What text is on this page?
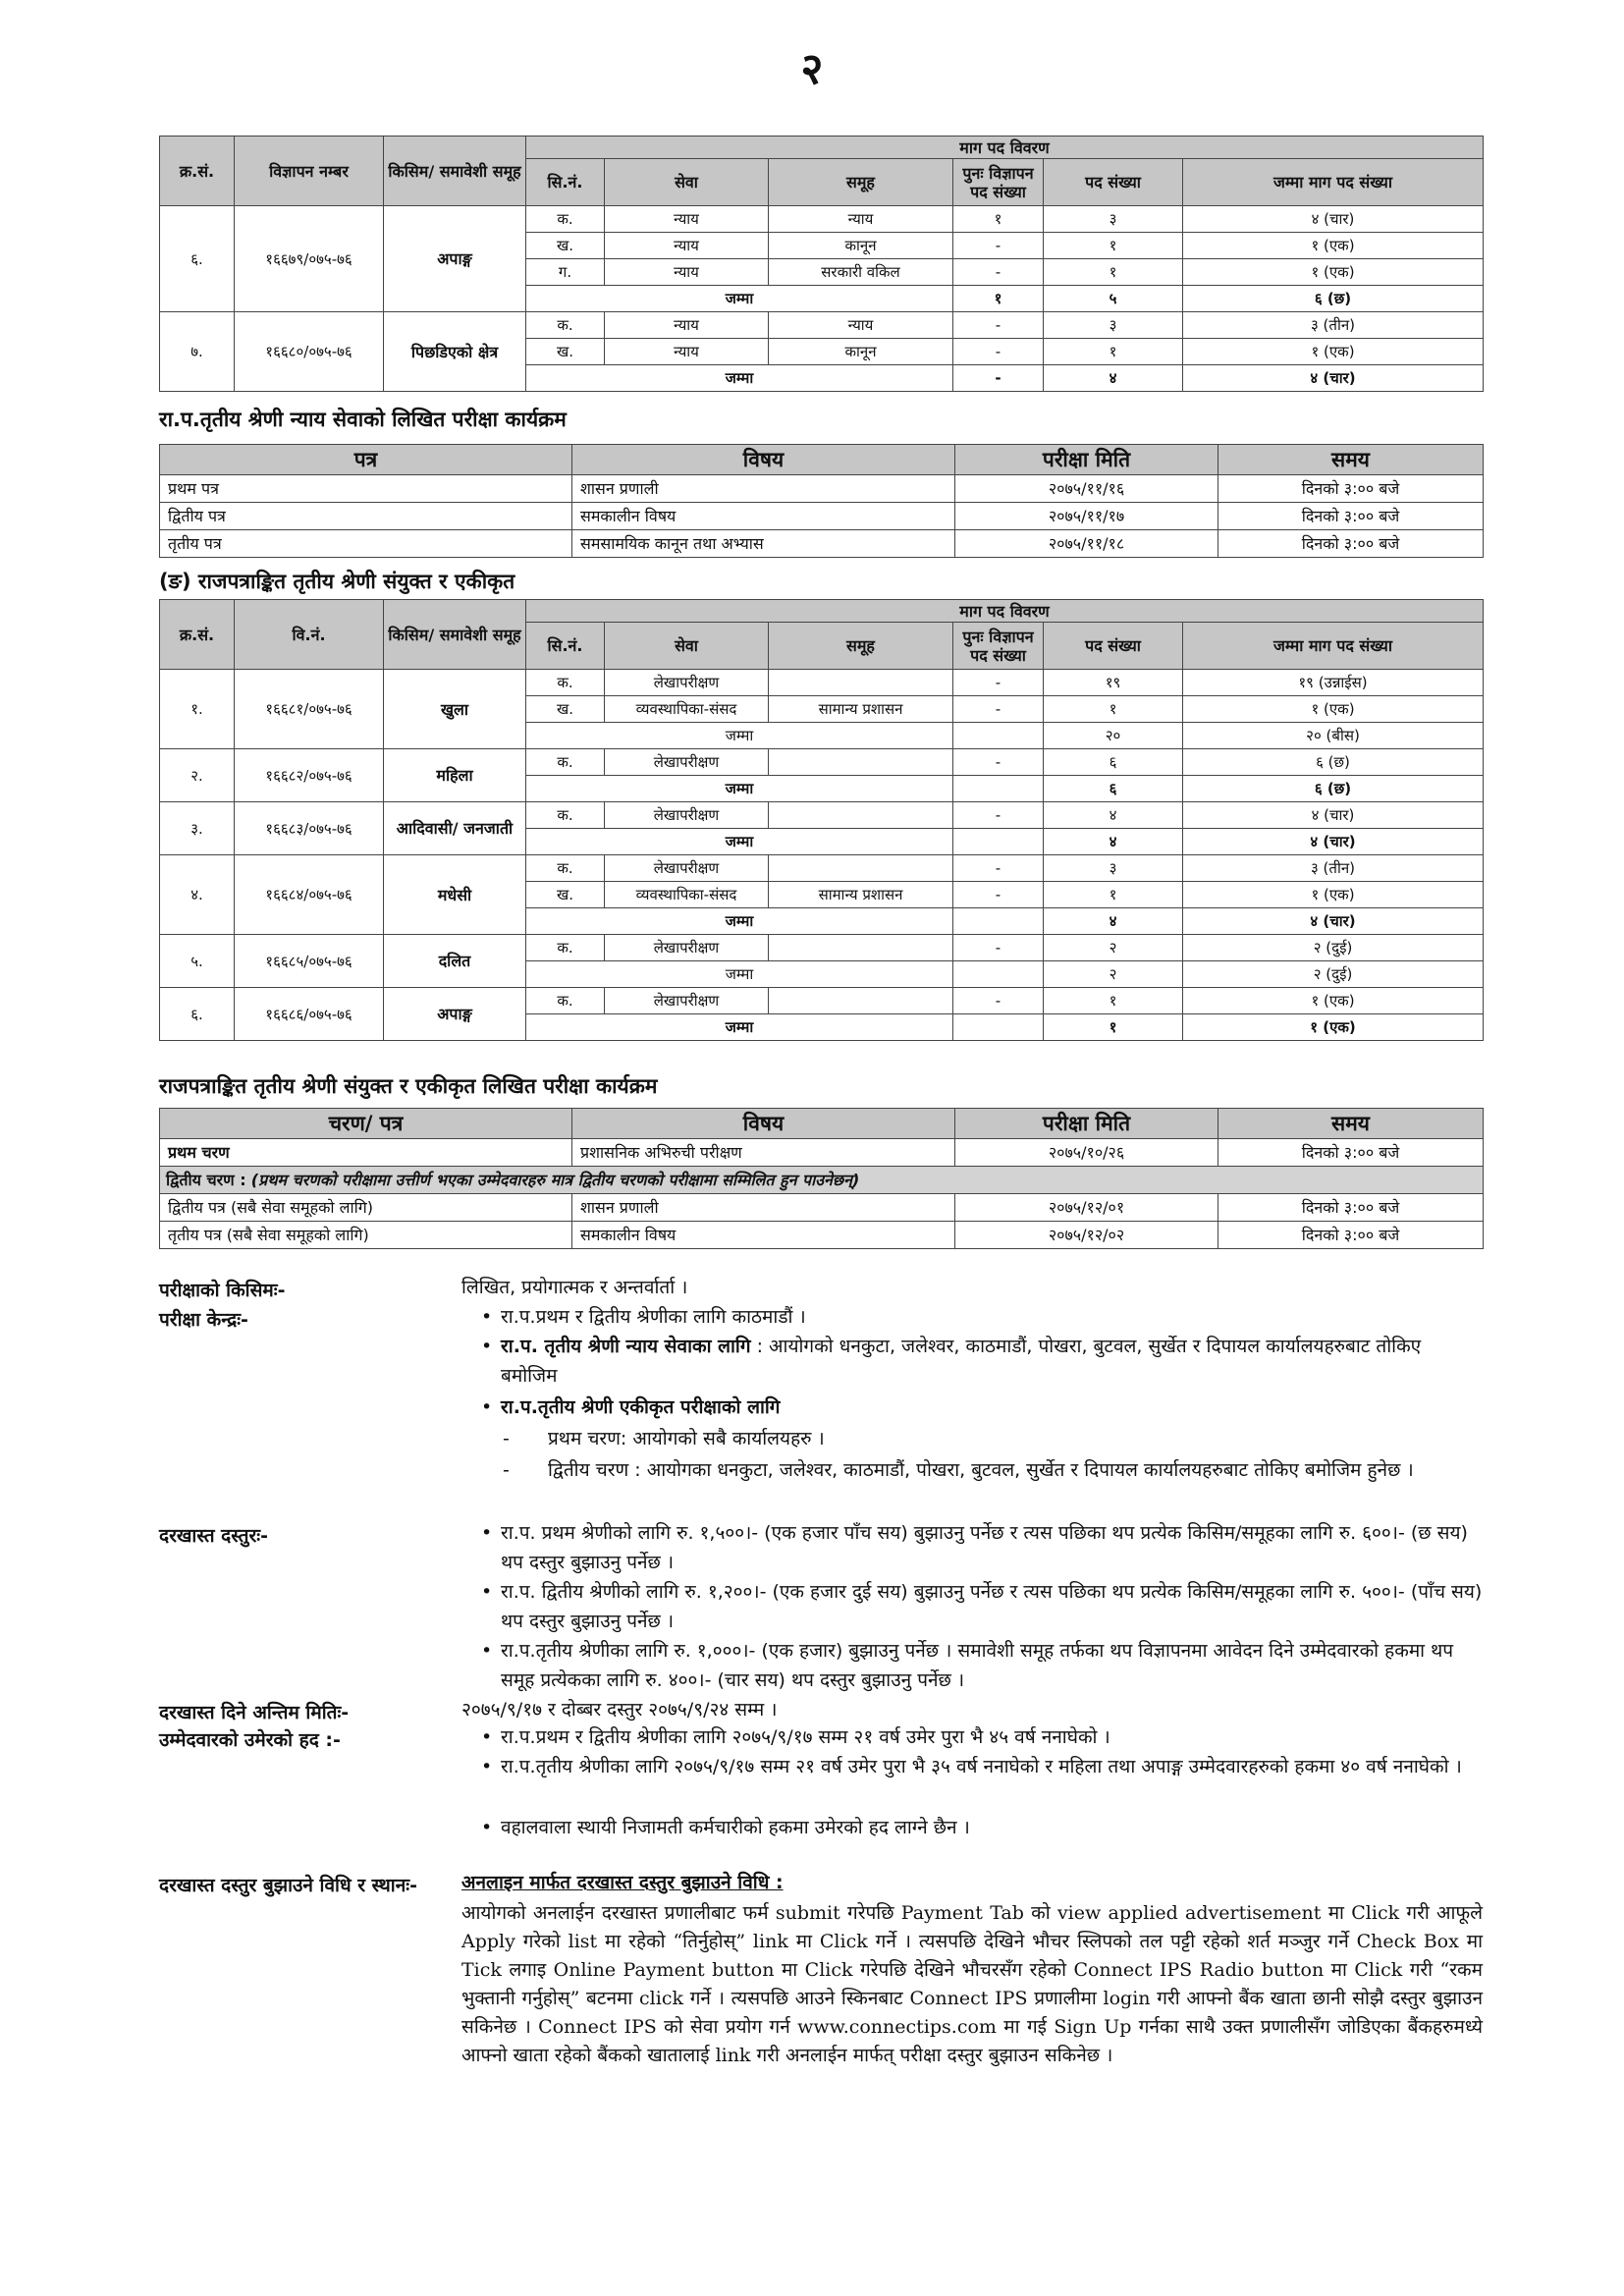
२
क्र.सं.	विज्ञापन नम्बर	किसिम/ समावेशी समूह	माग पद विवरण					
			सि.नं.	सेवा	समूह	पुनः विज्ञापन पद संख्या	पद संख्या	जम्मा माग पद संख्या
६.	१६६७९/०७५-७६	अपाङ्ग	क.	न्याय	न्याय	१	३	४ (चार)
			ख.	न्याय	कानून	-	१	१ (एक)
			ग.	न्याय	सरकारी वकिल	-	१	१ (एक)
			जम्मा			१	५	६ (छ)
७.	१६६८०/०७५-७६	पिछडिएको क्षेत्र	क.	न्याय	न्याय	-	३	३ (तीन)
			ख.	न्याय	कानून	-	१	१ (एक)
			जम्मा			-	४	४ (चार)
रा.प.तृतीय श्रेणी न्याय सेवाको लिखित परीक्षा कार्यक्रम
पत्र	विषय	परीक्षा मिति	समय
प्रथम पत्र	शासन प्रणाली	२०७५/११/१६	दिनको ३:०० बजे
द्वितीय पत्र	समकालीन विषय	२०७५/११/१७	दिनको ३:०० बजे
तृतीय पत्र	समसामयिक कानून तथा अभ्यास	२०७५/११/१८	दिनको ३:०० बजे
(ङ) राजपत्राङ्कित तृतीय श्रेणी संयुक्त र एकीकृत
क्र.सं.	वि.नं.	किसिम/ समावेशी समूह	माग पद विवरण					
			सि.नं.	सेवा	समूह	पुनः विज्ञापन पद संख्या	पद संख्या	जम्मा माग पद संख्या
१.	१६६८१/०७५-७६	खुला	क.	लेखापरीक्षण		-	१९	१९ (उन्नाईस)
			ख.	व्यवस्थापिका-संसद	सामान्य प्रशासन	-	१	१ (एक)
			जम्मा				२०	२० (बीस)
२.	१६६८२/०७५-७६	महिला	क.	लेखापरीक्षण		-	६	६ (छ)
			जम्मा				६	६ (छ)
३.	१६६८३/०७५-७६	आदिवासी/ जनजाती	क.	लेखापरीक्षण		-	४	४ (चार)
			जम्मा				४	४ (चार)
४.	१६६८४/०७५-७६	मधेसी	क.	लेखापरीक्षण		-	३	३ (तीन)
			ख.	व्यवस्थापिका-संसद	सामान्य प्रशासन	-	१	१ (एक)
			जम्मा				४	४ (चार)
५.	१६६८५/०७५-७६	दलित	क.	लेखापरीक्षण		-	२	२ (दुई)
			जम्मा				२	२ (दुई)
६.	१६६८६/०७५-७६	अपाङ्ग	क.	लेखापरीक्षण		-	१	१ (एक)
			जम्मा				१	१ (एक)
राजपत्राङ्कित तृतीय श्रेणी संयुक्त र एकीकृत लिखित परीक्षा कार्यक्रम
चरण/ पत्र	विषय	परीक्षा मिति	समय
प्रथम चरण	प्रशासनिक अभिरुची परीक्षण	२०७५/१०/२६	दिनको ३:०० बजे
द्वितीय चरण : (प्रथम चरणको परीक्षामा उत्तीर्ण भएका उम्मेदवारहरु मात्र द्वितीय चरणको परीक्षामा सम्मिलित हुन पाउनेछन्)			
द्वितीय पत्र (सबै सेवा समूहको लागि)	शासन प्रणाली	२०७५/१२/०१	दिनको ३:०० बजे
तृतीय पत्र (सबै सेवा समूहको लागि)	समकालीन विषय	२०७५/१२/०२	दिनको ३:०० बजे
परीक्षाको किसिमः-	लिखित, प्रयोगात्मक र अन्तर्वार्ता ।
परीक्षा केन्द्रः-	• रा.प.प्रथम र द्वितीय श्रेणीका लागि काठमाडौं ।
• रा.प. तृतीय श्रेणी न्याय सेवाका लागि : आयोगको धनकुटा, जलेश्वर, काठमाडौं, पोखरा, बुटवल, सुर्खेत र दिपायल कार्यालयहरुबाट तोकिए बमोजिम
• रा.प.तृतीय श्रेणी एकीकृत परीक्षाको लागि
- प्रथम चरण: आयोगको सबै कार्यालयहरु ।
- द्वितीय चरण : आयोगका धनकुटा, जलेश्वर, काठमाडौं, पोखरा, बुटवल, सुर्खेत र दिपायल कार्यालयहरुबाट तोकिए बमोजिम हुनेछ ।
दरखास्त दस्तुरः-	• रा.प. प्रथम श्रेणीको लागि रु. १,५००।- (एक हजार पाँच सय) बुझाउनु पर्नेछ र त्यस पछिका थप प्रत्येक किसिम/समूहका लागि रु. ६००।- (छ सय) थप दस्तुर बुझाउनु पर्नेछ ।
• रा.प. द्वितीय श्रेणीको लागि रु. १,२००।- (एक हजार दुई सय) बुझाउनु पर्नेछ र त्यस पछिका थप प्रत्येक किसिम/समूहका लागि रु. ५००।- (पाँच सय) थप दस्तुर बुझाउनु पर्नेछ ।
• रा.प.तृतीय श्रेणीका लागि रु. १,०००।- (एक हजार) बुझाउनु पर्नेछ । समावेशी समूह तर्फका थप विज्ञापनमा आवेदन दिने उम्मेदवारको हकमा थप समूह प्रत्येकका लागि रु. ४००।- (चार सय) थप दस्तुर बुझाउनु पर्नेछ ।
दरखास्त दिने अन्तिम मितिः-	२०७५/९/१७ र दोब्बर दस्तुर २०७५/९/२४ सम्म ।
उम्मेदवारको उमेरको हद :-	• रा.प.प्रथम र द्वितीय श्रेणीका लागि २०७५/९/१७ सम्म २१ वर्ष उमेर पुरा भै ४५ वर्ष ननाघेको ।
• रा.प.तृतीय श्रेणीका लागि २०७५/९/१७ सम्म २१ वर्ष उमेर पुरा भै ३५ वर्ष ननाघेको र महिला तथा अपाङ्ग उम्मेदवारहरुको हकमा ४० वर्ष ननाघेको ।
• वहालवाला स्थायी निजामती कर्मचारीको हकमा उमेरको हद लाग्ने छैन ।
दरखास्त दस्तुर बुझाउने विधि र स्थानः- अनलाइन मार्फत दरखास्त दस्तुर बुझाउने विधि :
आयोगको अनलाईन दरखास्त प्रणालीबाट फर्म submit गरेपछि Payment Tab को view applied advertisement मा Click गरी आफूले Apply गरेको list मा रहेको “तिर्नुहोस्” link मा Click गर्ने । त्यसपछि देखिने भौचर स्लिपको तल पट्टी रहेको शर्त मञ्जुर गर्ने Check Box मा Tick लगाइ Online Payment button मा Click गरेपछि देखिने भौचरसँग रहेको Connect IPS Radio button मा Click गरी “रकम भुक्तानी गर्नुहोस्” बटनमा click गर्ने । त्यसपछि आउने स्किनबाट Connect IPS प्रणालीमा login गरी आफ्नो बैंक खाता छानी सोझै दस्तुर बुझाउन सकिनेछ । Connect IPS को सेवा प्रयोग गर्न www.connectips.com मा गई Sign Up गर्नका साथै उक्त प्रणालीसँग जोडिएका बैंकहरुमध्ये आफ्नो खाता रहेको बैंकको खातालाई link गरी अनलाईन मार्फत् परीक्षा दस्तुर बुझाउन सकिनेछ ।
